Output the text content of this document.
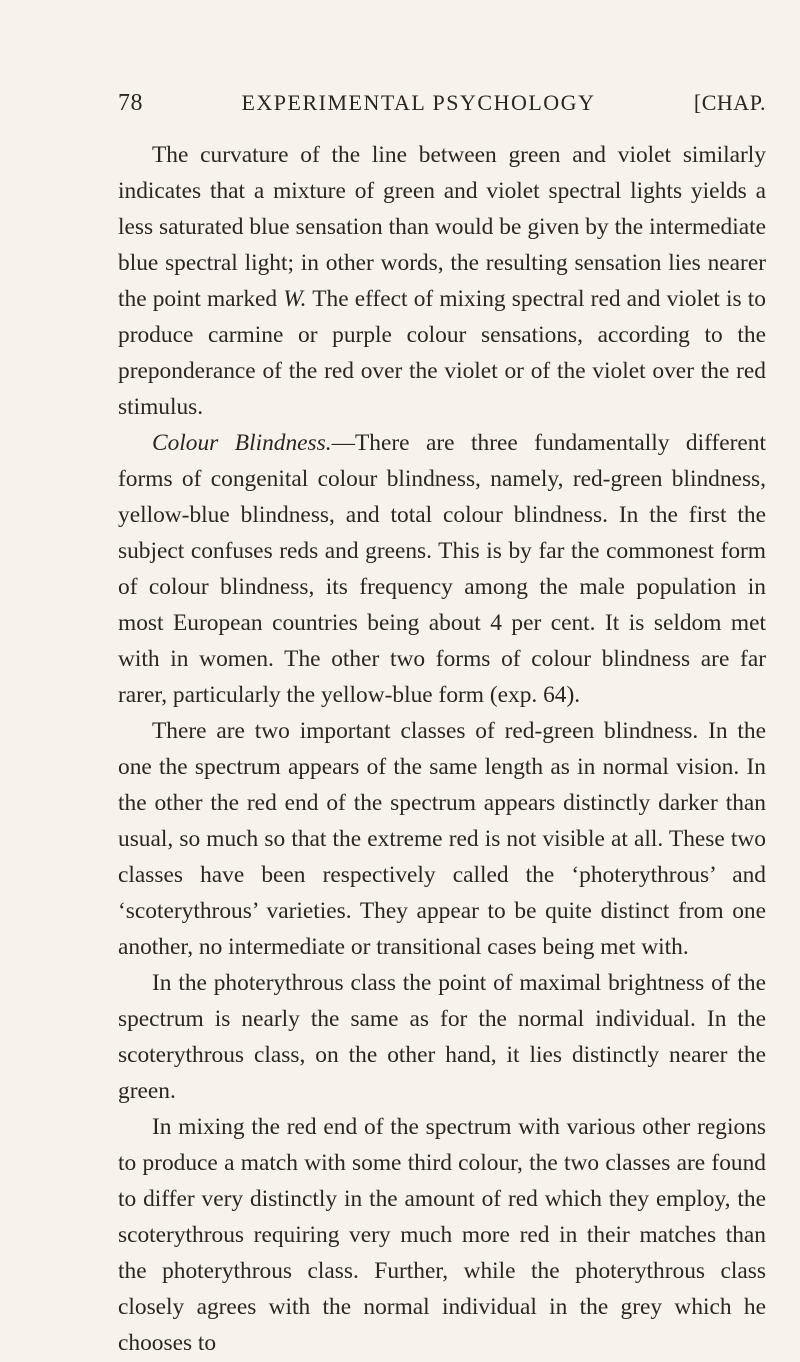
78	EXPERIMENTAL PSYCHOLOGY	[CHAP.

The curvature of the line between green and violet similarly indicates that a mixture of green and violet spectral lights yields a less saturated blue sensation than would be given by the intermediate blue spectral light; in other words, the resulting sensation lies nearer the point marked W. The effect of mixing spectral red and violet is to produce carmine or purple colour sensations, according to the preponderance of the red over the violet or of the violet over the red stimulus.

Colour Blindness.—There are three fundamentally different forms of congenital colour blindness, namely, red-green blindness, yellow-blue blindness, and total colour blindness. In the first the subject confuses reds and greens. This is by far the commonest form of colour blindness, its frequency among the male population in most European countries being about 4 per cent. It is seldom met with in women. The other two forms of colour blindness are far rarer, particularly the yellow-blue form (exp. 64).

There are two important classes of red-green blindness. In the one the spectrum appears of the same length as in normal vision. In the other the red end of the spectrum appears distinctly darker than usual, so much so that the extreme red is not visible at all. These two classes have been respectively called the ‘photerythrous’ and ‘scoterythrous’ varieties. They appear to be quite distinct from one another, no intermediate or transitional cases being met with.

In the photerythrous class the point of maximal brightness of the spectrum is nearly the same as for the normal individual. In the scoterythrous class, on the other hand, it lies distinctly nearer the green.

In mixing the red end of the spectrum with various other regions to produce a match with some third colour, the two classes are found to differ very distinctly in the amount of red which they employ, the scoterythrous requiring very much more red in their matches than the photerythrous class. Further, while the photerythrous class closely agrees with the normal individual in the grey which he chooses to
